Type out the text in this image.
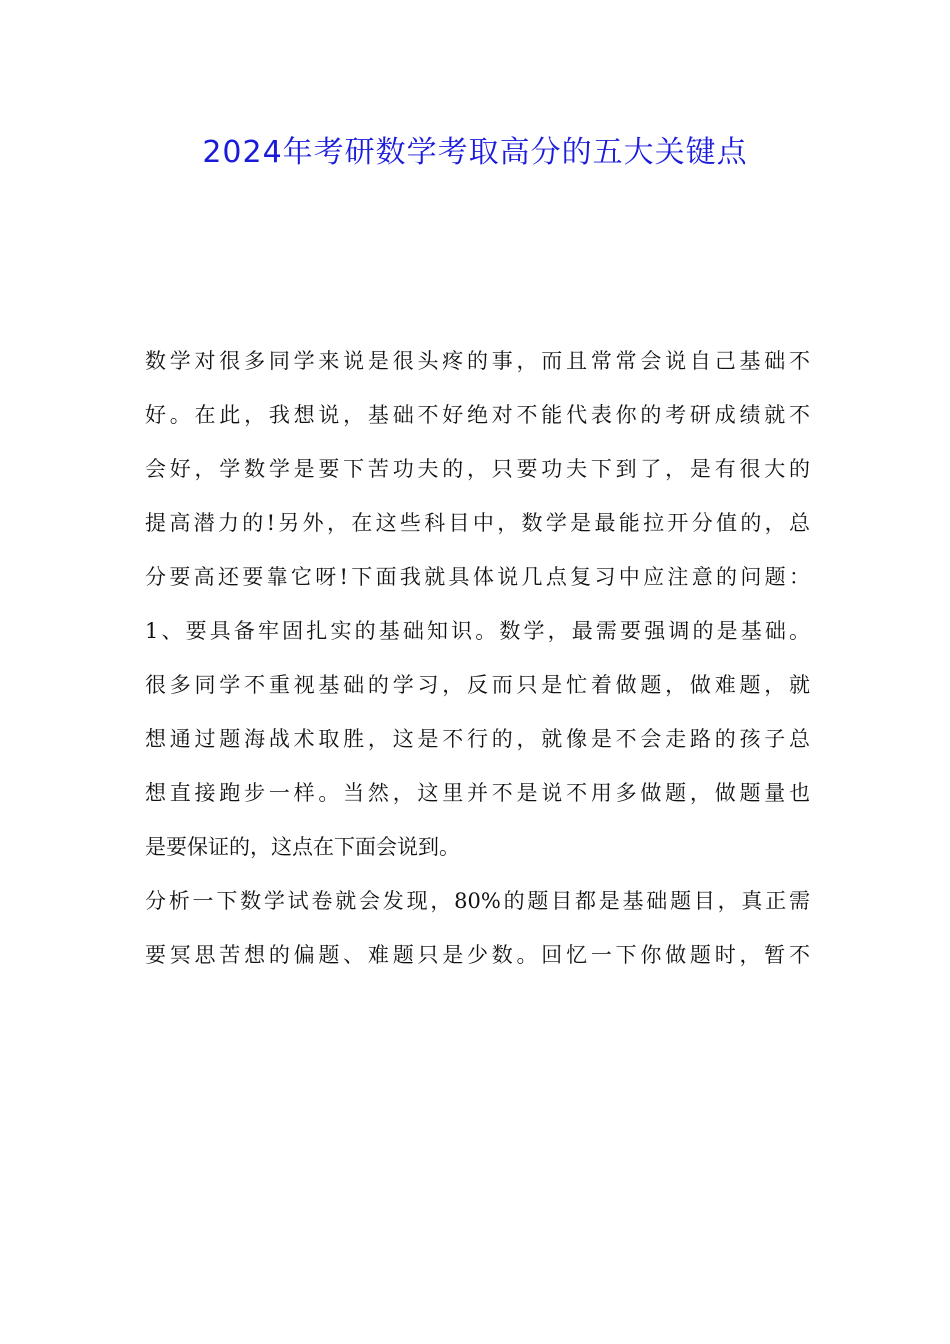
2024年考研数学考取高分的五大关键点
数学对很多同学来说是很头疼的事，而且常常会说自己基础不
好。在此，我想说，基础不好绝对不能代表你的考研成绩就不
会好，学数学是要下苦功夫的，只要功夫下到了，是有很大的
提高潜力的!另外，在这些科目中，数学是最能拉开分值的，总
分要高还要靠它呀!下面我就具体说几点复习中应注意的问题：
1、要具备牢固扎实的基础知识。数学，最需要强调的是基础。
很多同学不重视基础的学习，反而只是忙着做题，做难题，就
想通过题海战术取胜，这是不行的，就像是不会走路的孩子总
想直接跑步一样。当然，这里并不是说不用多做题，做题量也
是要保证的，这点在下面会说到。
分析一下数学试卷就会发现，80%的题目都是基础题目，真正需
要冥思苦想的偏题、难题只是少数。回忆一下你做题时，暂不
